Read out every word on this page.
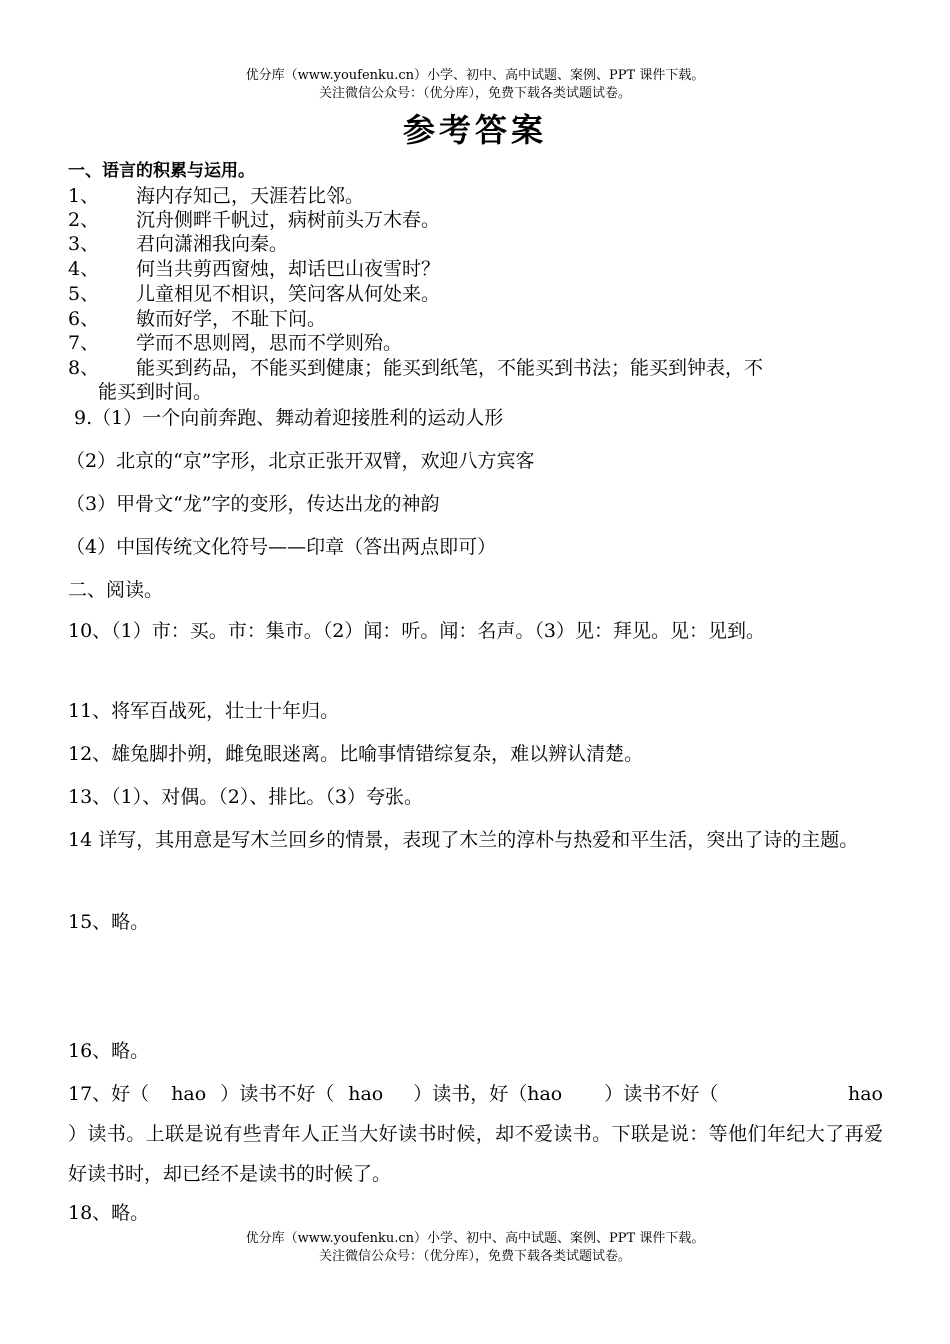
优分库（www.youfenku.cn）小学、初中、高中试题、案例、PPT 课件下载。
关注微信公众号：（优分库），免费下载各类试题试卷。
参考答案
一、语言的积累与运用。
1、 海内存知己，天涯若比邻。
2、 沉舟侧畔千帆过，病树前头万木春。
3、 君向潇湘我向秦。
4、 何当共剪西窗烛，却话巴山夜雪时？
5、 儿童相见不相识，笑问客从何处来。
6、 敏而好学，不耻下问。
7、 学而不思则罔，思而不学则殆。
8、 能买到药品，不能买到健康；能买到纸笔，不能买到书法；能买到钟表，不
能买到时间。
9.（1）一个向前奔跑、舞动着迎接胜利的运动人形
（2）北京的“京”字形，北京正张开双臂，欢迎八方宾客
（3）甲骨文“龙”字的变形，传达出龙的神韵
（4）中国传统文化符号——印章（答出两点即可）
二、阅读。
10、（1）市：买。市：集市。（2）闻：听。闻：名声。（3）见：拜见。见：见到。
11、将军百战死，壮士十年归。
12、雄兔脚扑朔，雌兔眼迷离。比喻事情错综复杂，难以辨认清楚。
13、（1）、对偶。（2）、排比。（3）夸张。
14 详写，其用意是写木兰回乡的情景，表现了木兰的淳朴与热爱和平生活，突出了诗的主题。
15、略。
16、略。
17、好（ hao ）读书不好（ hao ）读书，好（hao ）读书不好（	hao
）读书。上联是说有些青年人正当大好读书时候，却不爱读书。下联是说：等他们年纪大了再爱好读书时，却已经不是读书的时候了。
18、略。
优分库（www.youfenku.cn）小学、初中、高中试题、案例、PPT 课件下载。
关注微信公众号：（优分库），免费下载各类试题试卷。
